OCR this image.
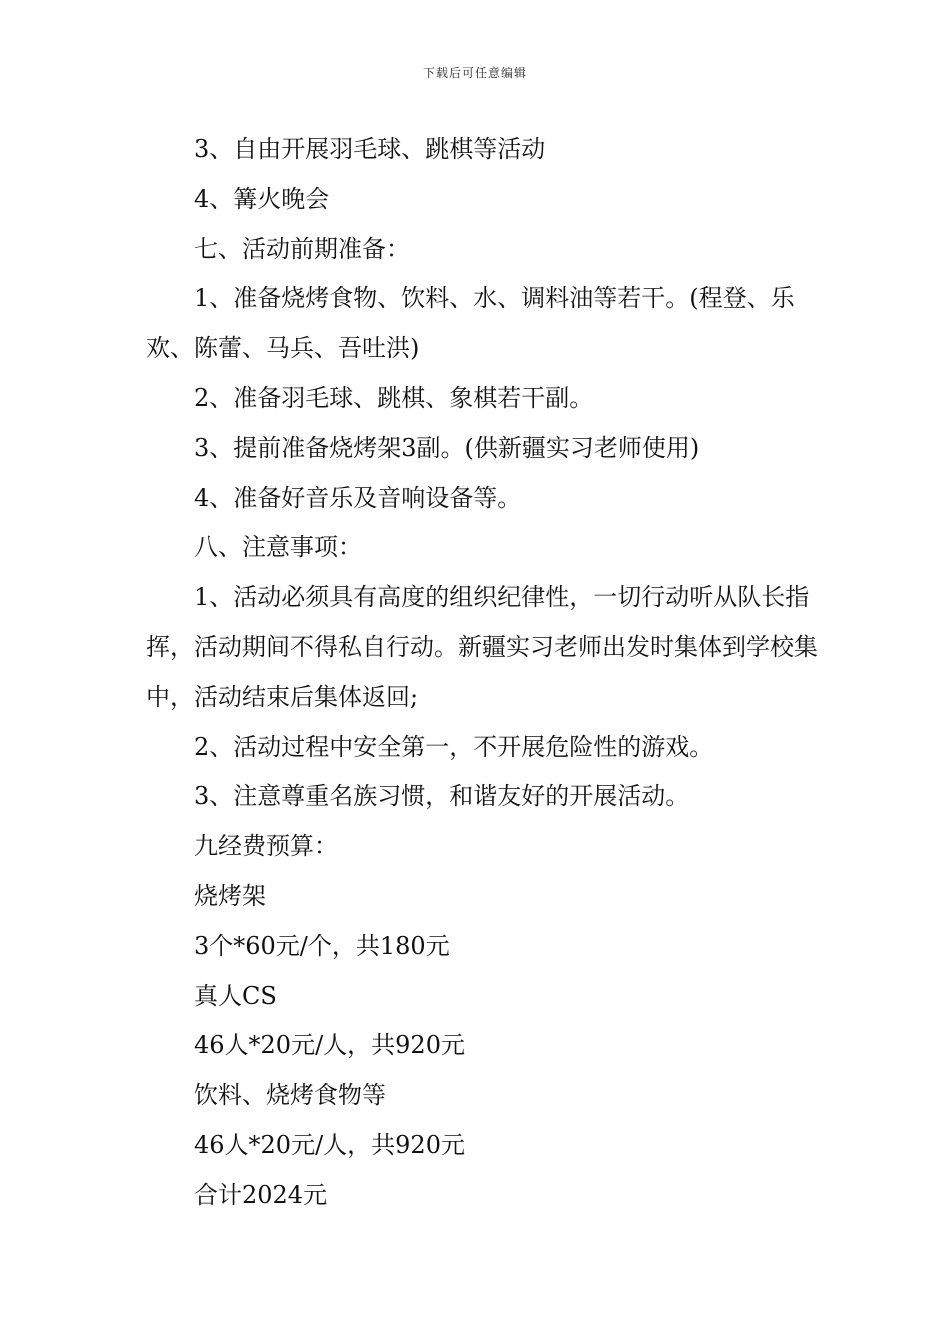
下载后可任意编辑

3、自由开展羽毛球、跳棋等活动

4、篝火晚会

七、活动前期准备：

1、准备烧烤食物、饮料、水、调料油等若干。(程登、乐欢、陈蕾、马兵、吾吐洪)

2、准备羽毛球、跳棋、象棋若干副。

3、提前准备烧烤架3副。(供新疆实习老师使用)

4、准备好音乐及音响设备等。

八、注意事项：

1、活动必须具有高度的组织纪律性，一切行动听从队长指挥，活动期间不得私自行动。新疆实习老师出发时集体到学校集中，活动结束后集体返回;

2、活动过程中安全第一，不开展危险性的游戏。

3、注意尊重名族习惯，和谐友好的开展活动。

九经费预算：

烧烤架

3个*60元/个，共180元

真人CS

46人*20元/人，共920元

饮料、烧烤食物等

46人*20元/人，共920元

合计2024元
